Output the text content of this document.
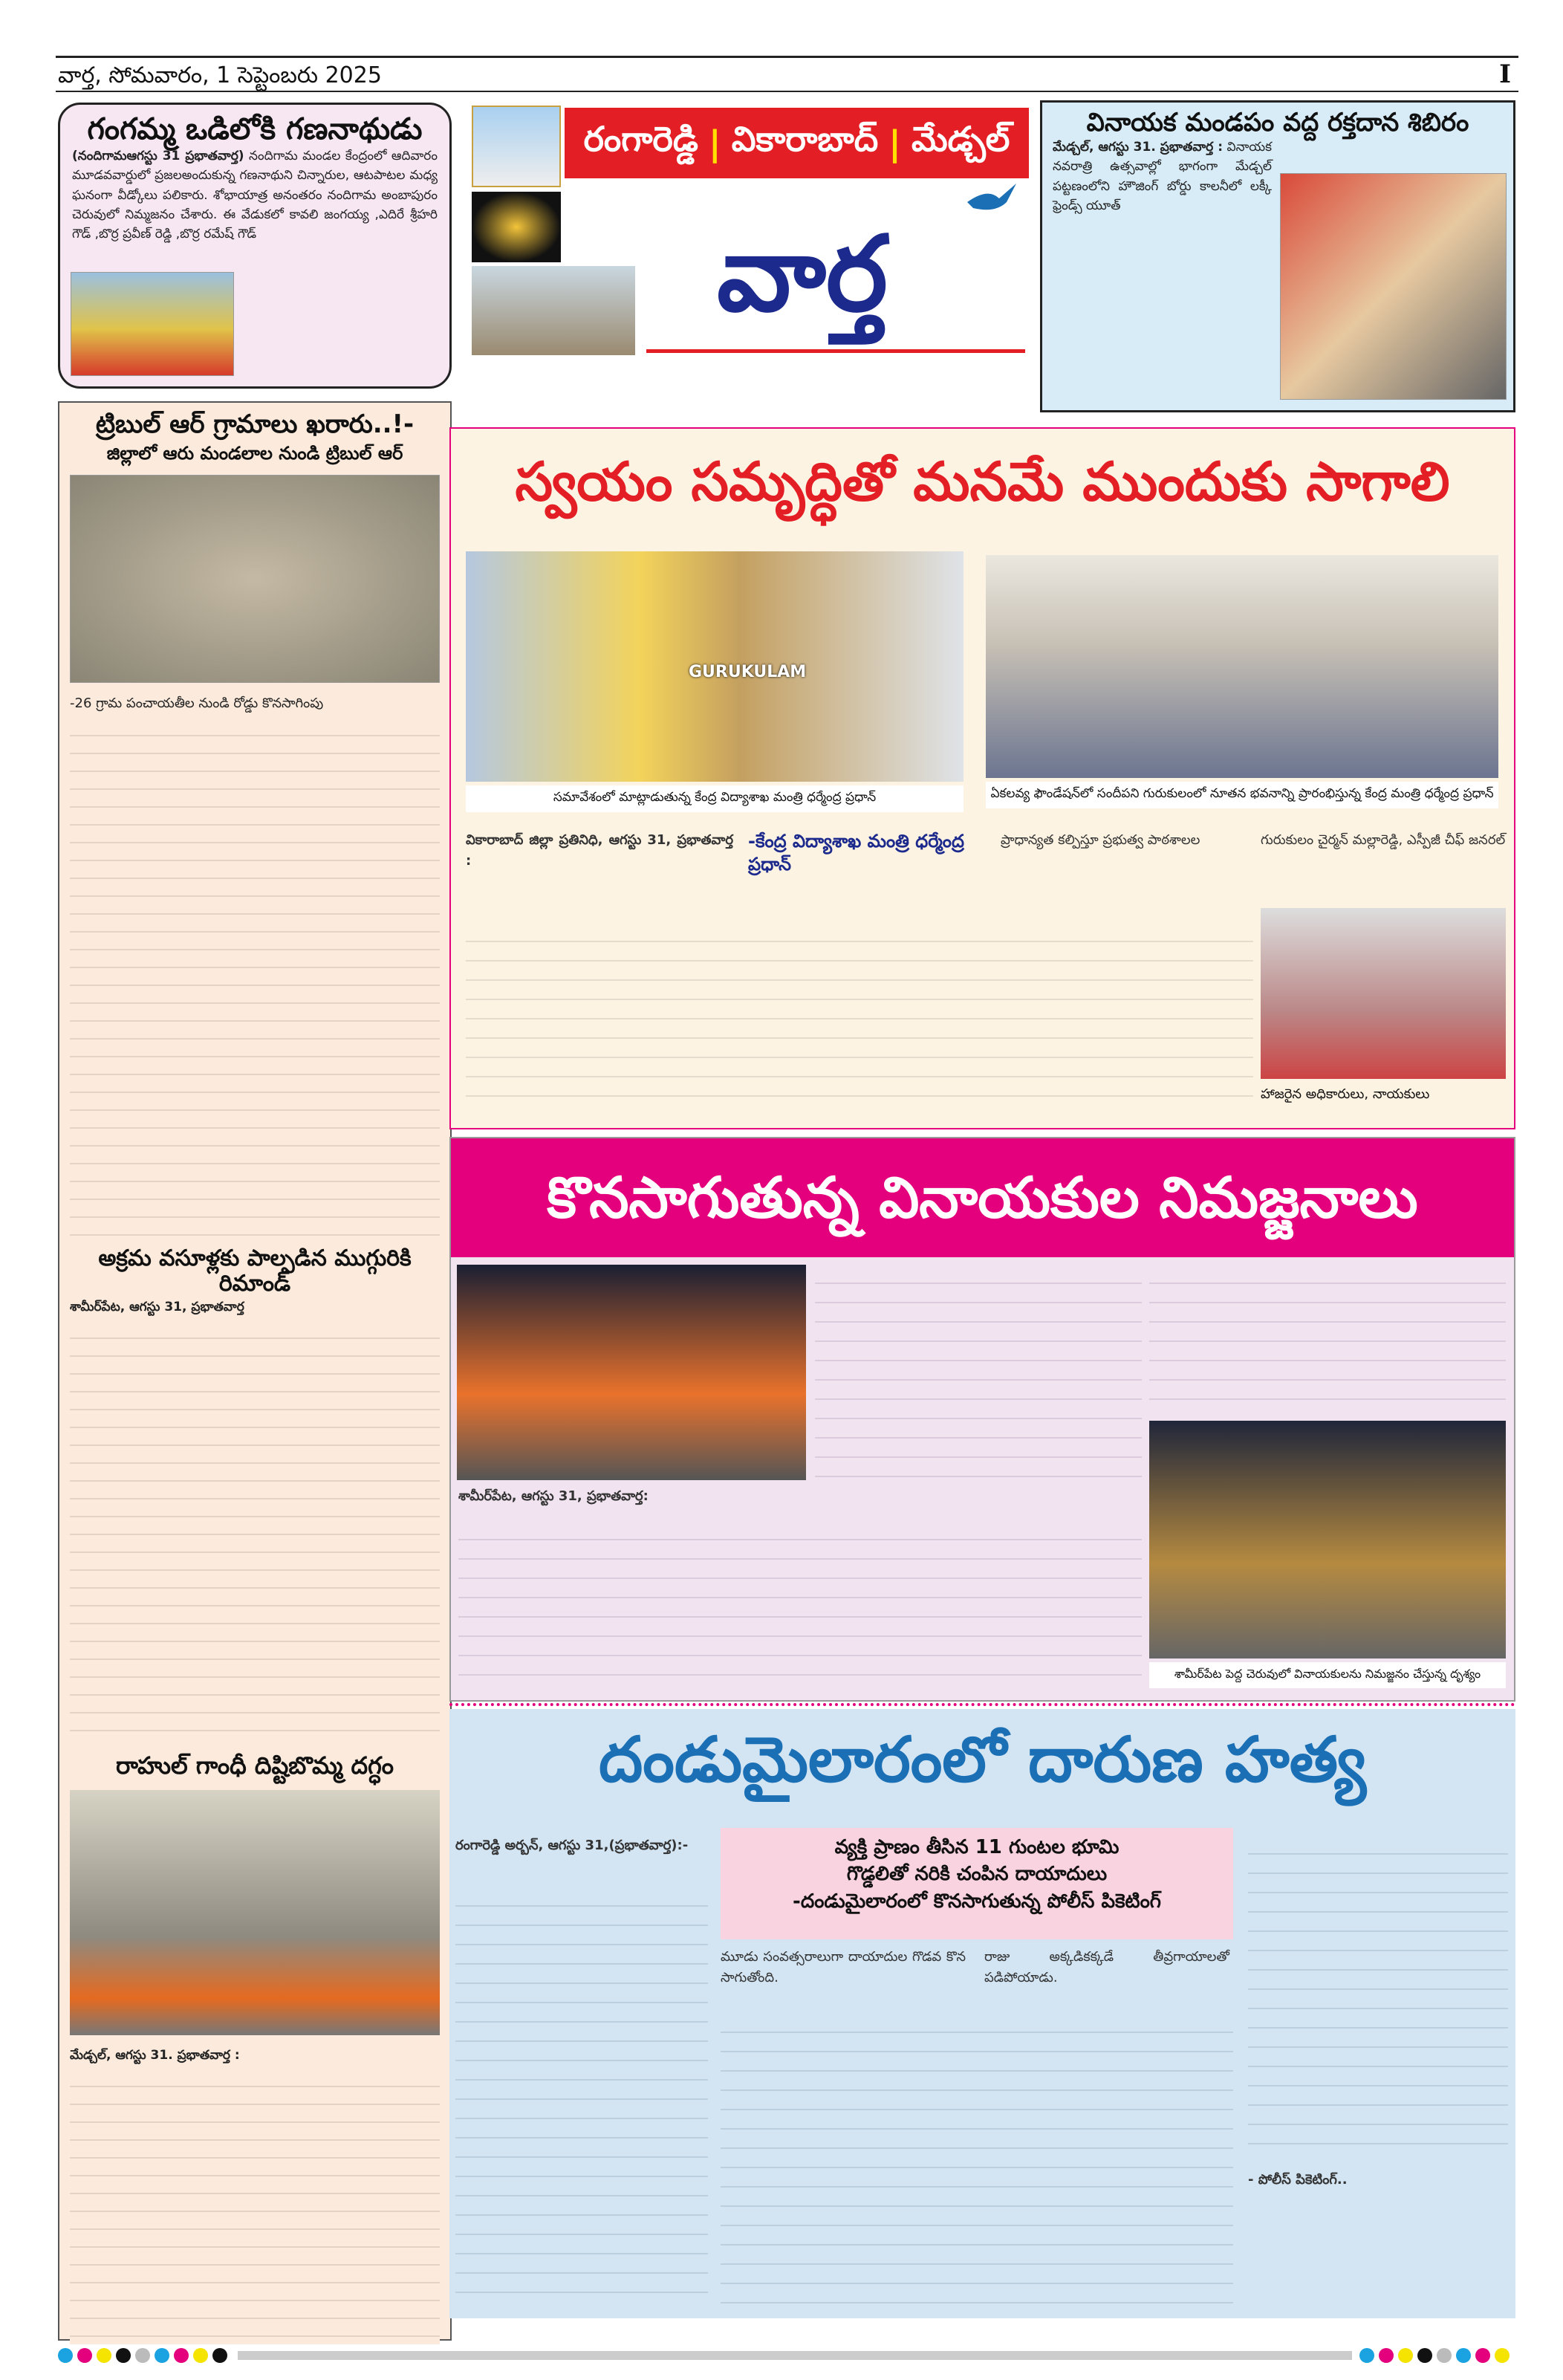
వార్త, సోమవారం, 1 సెప్టెంబరు 2025	I
గంగమ్మ ఒడిలోకి గణనాథుడు
(నందిగామఆగస్టు 31 ప్రభాతవార్త) నందిగామ మండల కేంద్రంలో ఆదివారం మూడవవార్డులో ప్రజలఅందుకున్న గణనాథుని చిన్నారుల, ఆటపాటల మధ్య ఘనంగా వీడ్కోలు పలికారు. శోభాయాత్ర అనంతరం నందిగామ అంబాపురం చెరువులో నిమ్మజనం చేశారు. ఈ వేడుకలో కావలి జంగయ్య ,ఎదిరే శ్రీహరి గౌడ్ ,బొర్ర ప్రవీణ్ రెడ్డి ,బొర్ర రమేష్ గౌడ్
రంగారెడ్డి | వికారాబాద్ | మేడ్చల్
వార్త
వినాయక మండపం వద్ద రక్తదాన శిబిరం
మేడ్చల్, ఆగస్టు 31. ప్రభాతవార్త : వినాయక నవరాత్రి ఉత్సవాల్లో భాగంగా మేడ్చల్ పట్టణంలోని హౌజింగ్ బోర్డు కాలనీలో లక్కీ ఫ్రెండ్స్ యూత్
ట్రిబుల్ ఆర్ గ్రామాలు ఖరారు..!-
జిల్లాలో ఆరు మండలాల నుండి ట్రిబుల్ ఆర్
-26 గ్రామ పంచాయతీల నుండి రోడ్డు కొనసాగింపు
అక్రమ వసూళ్లకు పాల్పడిన ముగ్గురికి రిమాండ్
శామీర్‌పేట, ఆగస్టు 31, ప్రభాతవార్త
రాహుల్ గాంధీ దిష్టిబొమ్మ దగ్ధం
మేడ్చల్, ఆగస్టు 31. ప్రభాతవార్త :
స్వయం సమృద్ధితో మనమే ముందుకు సాగాలి
GURUKULAM
సమావేశంలో మాట్లాడుతున్న కేంద్ర విద్యాశాఖ మంత్రి ధర్మేంద్ర ప్రధాన్	ఏకలవ్య ఫౌండేషన్‌లో సందీపని గురుకులంలో నూతన భవనాన్ని ప్రారంభిస్తున్న కేంద్ర మంత్రి ధర్మేంద్ర ప్రధాన్
వికారాబాద్ జిల్లా ప్రతినిధి, ఆగస్టు 31, ప్రభాతవార్త :
-కేంద్ర విద్యాశాఖ మంత్రి ధర్మేంద్ర ప్రధాన్
ప్రాధాన్యత కల్పిస్తూ ప్రభుత్వ పాఠశాలల	గురుకులం చైర్మన్ మల్లారెడ్డి, ఎస్పీజీ చీఫ్ జనరల్
హాజరైన అధికారులు, నాయకులు
కొనసాగుతున్న వినాయకుల నిమజ్జనాలు
శామీర్‌పేట, ఆగస్టు 31, ప్రభాతవార్త:
శామీర్‌పేట పెద్ద చెరువులో వినాయకులను నిమజ్జనం చేస్తున్న దృశ్యం
దండుమైలారంలో దారుణ హత్య
రంగారెడ్డి అర్బన్, ఆగస్టు 31,(ప్రభాతవార్త):-	వ్యక్తి ప్రాణం తీసిన 11 గుంటల భూమి
గొడ్డలితో నరికి చంపిన దాయాదులు
-దండుమైలారంలో కొనసాగుతున్న పోలీస్ పికెటింగ్
మూడు సంవత్సరాలుగా దాయాదుల గొడవ కొన సాగుతోంది.
రాజు అక్కడికక్కడే తీవ్రగాయాలతో పడిపోయాడు.
- పోలీస్ పికెటింగ్..
